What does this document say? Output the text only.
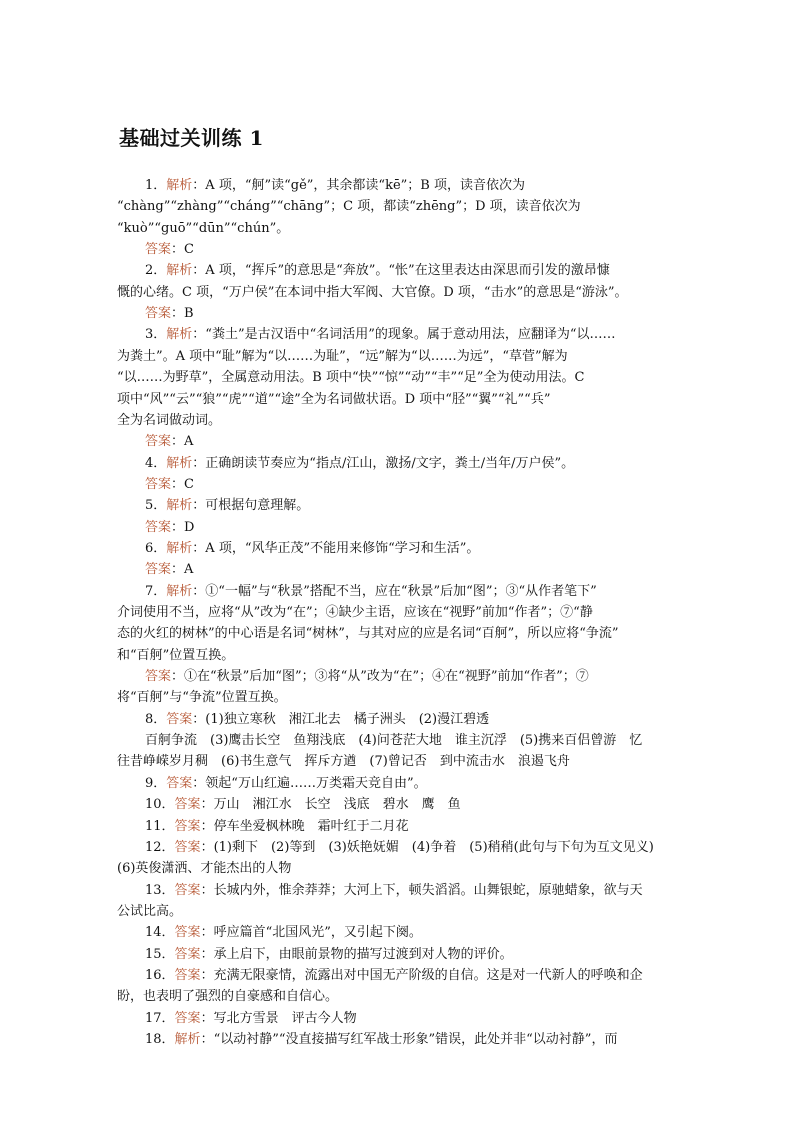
基础过关训练 1
1．解析：A 项，“舸”读“gě”，其余都读“kē”；B 项，读音依次为
“chàng”“zhàng”“cháng”“chāng”；C 项，都读“zhēng”；D 项，读音依次为
“kuò”“guō”“dūn”“chún”。
答案：C
2．解析：A 项，“挥斥”的意思是“奔放”。“怅”在这里表达由深思而引发的激昂慷
慨的心绪。C 项，“万户侯”在本词中指大军阀、大官僚。D 项，“击水”的意思是“游泳”。
答案：B
3．解析：“粪土”是古汉语中“名词活用”的现象。属于意动用法，应翻译为“以……
为粪土”。A 项中“耻”解为“以……为耻”，“远”解为“以……为远”，“草菅”解为
“以……为野草”，全属意动用法。B 项中“快”“惊”“动”“丰”“足”全为使动用法。C
项中“风”“云”“狼”“虎”“道”“途”全为名词做状语。D 项中“胫”“翼”“礼”“兵”
全为名词做动词。
答案：A
4．解析：正确朗读节奏应为“指点/江山，激扬/文字，粪土/当年/万户侯”。
答案：C
5．解析：可根据句意理解。
答案：D
6．解析：A 项，“风华正茂”不能用来修饰“学习和生活”。
答案：A
7．解析：①“一幅”与“秋景”搭配不当，应在“秋景”后加“图”；③“从作者笔下”
介词使用不当，应将“从”改为“在”；④缺少主语，应该在“视野”前加“作者”；⑦“静
态的火红的树林”的中心语是名词“树林”，与其对应的应是名词“百舸”，所以应将“争流”
和“百舸”位置互换。
答案：①在“秋景”后加“图”；③将“从”改为“在”；④在“视野”前加“作者”；⑦
将“百舸”与“争流”位置互换。
8．答案：(1)独立寒秋　湘江北去　橘子洲头　(2)漫江碧透
百舸争流　(3)鹰击长空　鱼翔浅底　(4)问苍茫大地　谁主沉浮　(5)携来百侣曾游　忆
往昔峥嵘岁月稠　(6)书生意气　挥斥方遒　(7)曾记否　到中流击水　浪遏飞舟
9．答案：领起“万山红遍……万类霜天竞自由”。
10．答案：万山　湘江水　长空　浅底　碧水　鹰　鱼
11．答案：停车坐爱枫林晚　霜叶红于二月花
12．答案：(1)剩下　(2)等到　(3)妖艳妩媚　(4)争着　(5)稍稍(此句与下句为互文见义)
(6)英俊潇洒、才能杰出的人物
13．答案：长城内外，惟余莽莽；大河上下，顿失滔滔。山舞银蛇，原驰蜡象，欲与天
公试比高。
14．答案：呼应篇首“北国风光”，又引起下阕。
15．答案：承上启下，由眼前景物的描写过渡到对人物的评价。
16．答案：充满无限豪情，流露出对中国无产阶级的自信。这是对一代新人的呼唤和企
盼，也表明了强烈的自豪感和自信心。
17．答案：写北方雪景　评古今人物
18．解析：“以动衬静”“没直接描写红军战士形象”错误，此处并非“以动衬静”，而
